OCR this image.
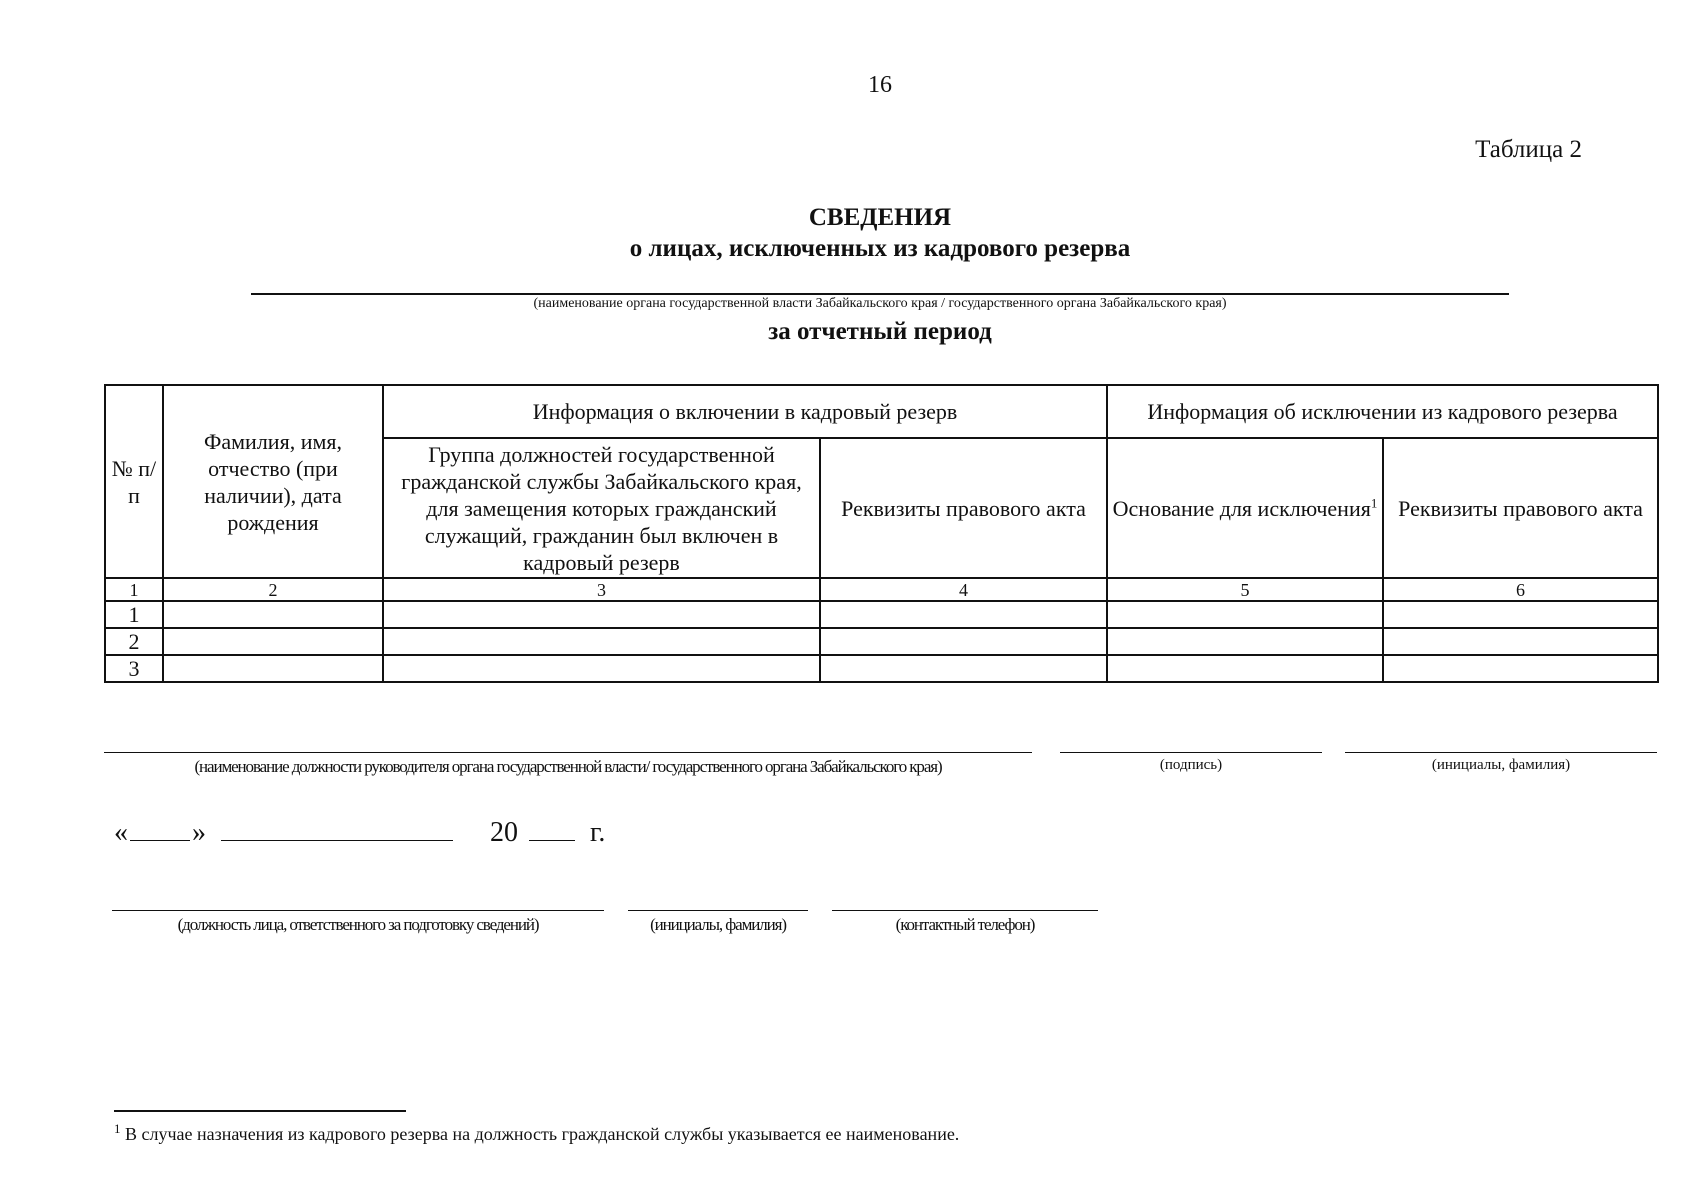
16
Таблица 2
СВЕДЕНИЯ
о лицах, исключенных из кадрового резерва
(наименование органа государственной власти Забайкальского края / государственного органа Забайкальского края)
за отчетный период
№ п/п	Фамилия, имя, отчество (при наличии), дата рождения	Информация о включении в кадровый резерв		Информация об исключении из кадрового резерва	
		Группа должностей государственной гражданской службы Забайкальского края, для замещения которых гражданский служащий, гражданин был включен в кадровый резерв	Реквизиты правового акта	Основание для исключения$^1$	Реквизиты правового акта
1	2	3	4	5	6
1					
2					
3					
(наименование должности руководителя органа государственной власти/ государственного органа Забайкальского края)	(подпись)	(инициалы, фамилия)
« »	20	г.
(должность лица, ответственного за подготовку сведений)	(инициалы, фамилия)	(контактный телефон)
$^1$ В случае назначения из кадрового резерва на должность гражданской службы указывается ее наименование.
